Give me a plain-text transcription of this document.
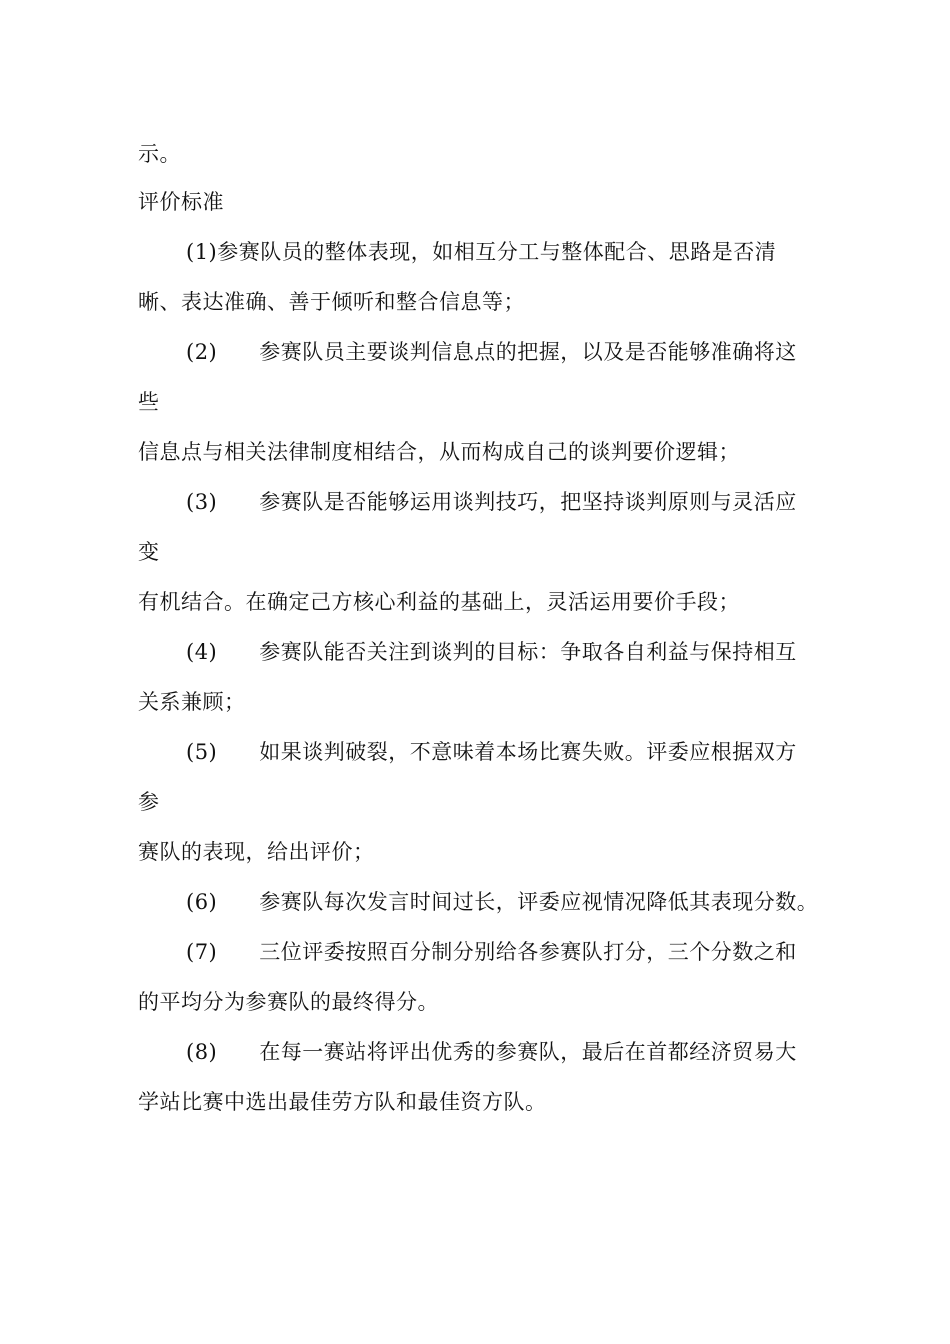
示。
评价标准
(1)参赛队员的整体表现，如相互分工与整体配合、思路是否清
晰、表达准确、善于倾听和整合信息等；
(2) 参赛队员主要谈判信息点的把握，以及是否能够准确将这
些
信息点与相关法律制度相结合，从而构成自己的谈判要价逻辑；
(3) 参赛队是否能够运用谈判技巧，把坚持谈判原则与灵活应
变
有机结合。在确定己方核心利益的基础上，灵活运用要价手段；
(4) 参赛队能否关注到谈判的目标：争取各自利益与保持相互
关系兼顾；
(5) 如果谈判破裂，不意味着本场比赛失败。评委应根据双方
参
赛队的表现，给出评价；
(6) 参赛队每次发言时间过长，评委应视情况降低其表现分数。
(7) 三位评委按照百分制分别给各参赛队打分，三个分数之和
的平均分为参赛队的最终得分。
(8) 在每一赛站将评出优秀的参赛队，最后在首都经济贸易大
学站比赛中选出最佳劳方队和最佳资方队。
